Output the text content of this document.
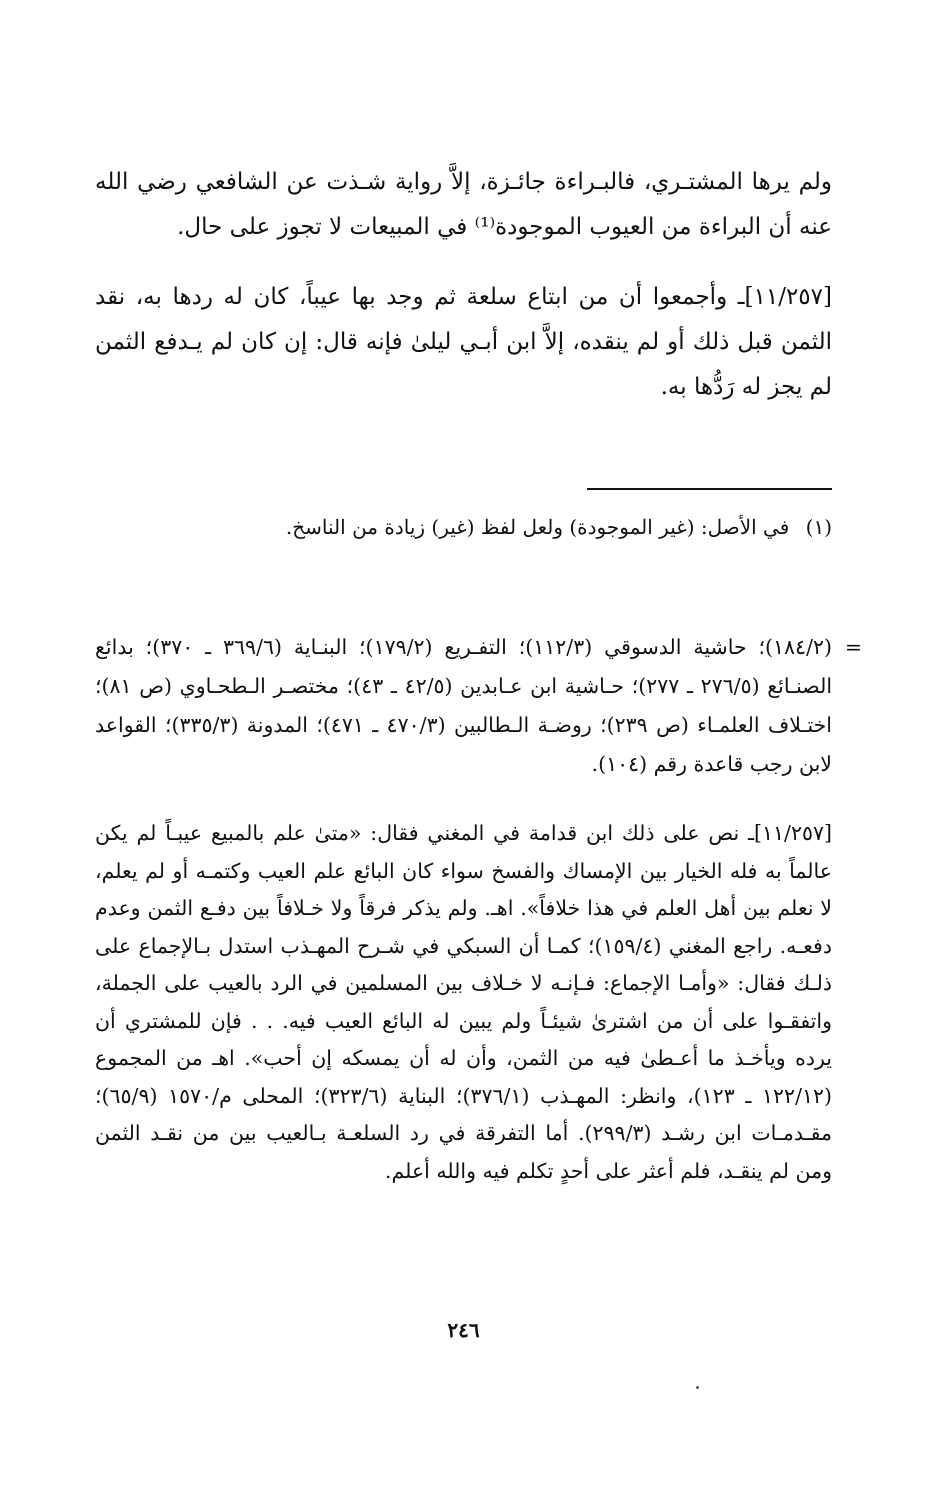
ولم يرها المشتـري، فالبـراءة جائـزة، إلاَّ رواية شـذت عن الشافعي رضي الله عنه أن البراءة من العيوب الموجودة⁽¹⁾ في المبيعات لا تجوز على حال.

[١١/٢٥٧]ـ وأجمعوا أن من ابتاع سلعة ثم وجد بها عيباً، كان له ردها به، نقد الثمن قبل ذلك أو لم ينقده، إلاَّ ابن أبـي ليلىٰ فإنه قال: إن كان لم يـدفع الثمن لم يجز له رَدُّها به.

(١) في الأصل: (غير الموجودة) ولعل لفظ (غير) زيادة من الناسخ.

=
(١٨٤/٢)؛ حاشية الدسوقي (١١٢/٣)؛ التفـريع (١٧٩/٢)؛ البنـاية (٣٦٩/٦ ـ ٣٧٠)؛ بدائع الصنـائع (٢٧٦/٥ ـ ٢٧٧)؛ حـاشية ابن عـابدين (٤٢/٥ ـ ٤٣)؛ مختصـر الـطحـاوي (ص ٨١)؛ اختـلاف العلمـاء (ص ٢٣٩)؛ روضـة الـطالبين (٤٧٠/٣ ـ ٤٧١)؛ المدونة (٣٣٥/٣)؛ القواعد لابن رجب قاعدة رقم (١٠٤).

[١١/٢٥٧]ـ نص على ذلك ابن قدامة في المغني فقال: «متىٰ علم بالمبيع عيبـاً لم يكن عالماً به فله الخيار بين الإمساك والفسخ سواء كان البائع علم العيب وكتمـه أو لم يعلم، لا نعلم بين أهل العلم في هذا خلافاً». اهـ. ولم يذكر فرقاً ولا خـلافاً بين دفـع الثمن وعدم دفعـه. راجع المغني (١٥٩/٤)؛ كمـا أن السبكي في شـرح المهـذب استدل بـالإجماع على ذلـك فقال: «وأمـا الإجماع: فـإنـه لا خـلاف بين المسلمين في الرد بالعيب على الجملة، واتفقـوا على أن من اشترىٰ شيئـاً ولم يبين له البائع العيب فيه. . . فإن للمشتري أن يرده ويأخـذ ما أعـطىٰ فيه من الثمن، وأن له أن يمسكه إن أحب». اهـ من المجموع (١٢٢/١٢ ـ ١٢٣)، وانظر: المهـذب (٣٧٦/١)؛ البناية (٣٢٣/٦)؛ المحلى م/١٥٧٠ (٦٥/٩)؛ مقـدمـات ابن رشـد (٢٩٩/٣). أما التفرقة في رد السلعـة بـالعيب بين من نقـد الثمن ومن لم ينقـد، فلم أعثر على أحدٍ تكلم فيه والله أعلم.

٢٤٦
